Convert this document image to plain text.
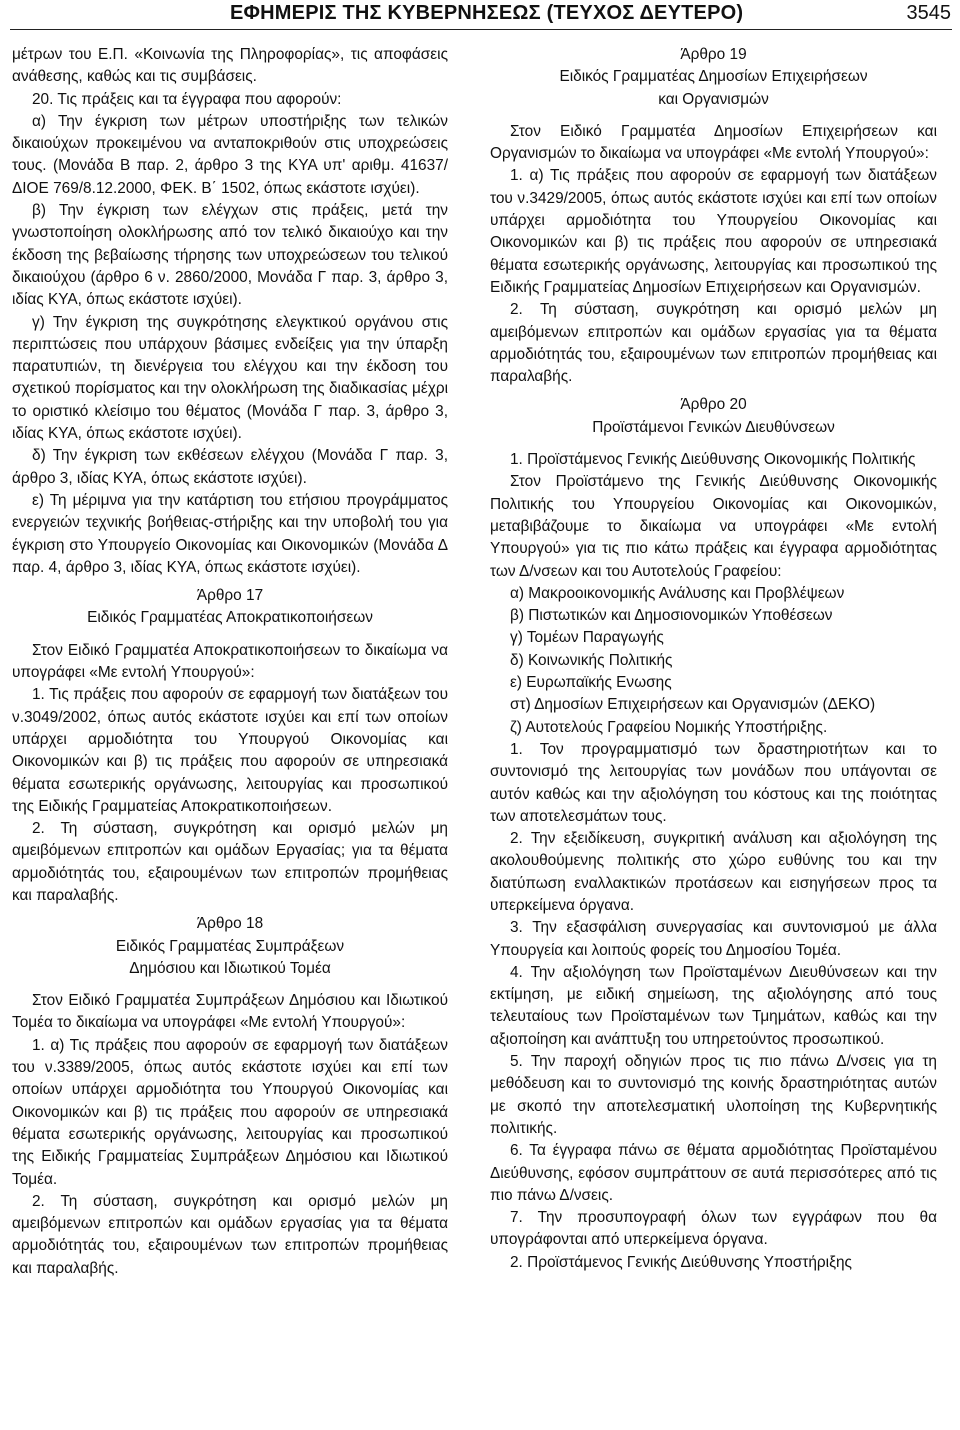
ΕΦΗΜΕΡΙΣ ΤΗΣ ΚΥΒΕΡΝΗΣΕΩΣ (ΤΕΥΧΟΣ ΔΕΥΤΕΡΟ)	3545

μέτρων του Ε.Π. «Κοινωνία της Πληροφορίας», τις αποφάσεις ανάθεσης, καθώς και τις συμβάσεις.

20. Τις πράξεις και τα έγγραφα που αφορούν:

α) Την έγκριση των μέτρων υποστήριξης των τελικών δικαιούχων προκειμένου να ανταποκριθούν στις υποχρεώσεις τους. (Μονάδα Β παρ. 2, άρθρο 3 της ΚΥΑ υπ' αριθμ. 41637/ΔΙΟΕ 769/8.12.2000, ΦΕΚ. Β΄ 1502, όπως εκάστοτε ισχύει).

β) Την έγκριση των ελέγχων στις πράξεις, μετά την γνωστοποίηση ολοκλήρωσης από τον τελικό δικαιούχο και την έκδοση της βεβαίωσης τήρησης των υποχρεώσεων του τελικού δικαιούχου (άρθρο 6 ν. 2860/2000, Μονάδα Γ παρ. 3, άρθρο 3, ιδίας ΚΥΑ, όπως εκάστοτε ισχύει).

γ) Την έγκριση της συγκρότησης ελεγκτικού οργάνου στις περιπτώσεις που υπάρχουν βάσιμες ενδείξεις για την ύπαρξη παρατυπιών, τη διενέργεια του ελέγχου και την έκδοση του σχετικού πορίσματος και την ολοκλήρωση της διαδικασίας μέχρι το οριστικό κλείσιμο του θέματος (Μονάδα Γ παρ. 3, άρθρο 3, ιδίας ΚΥΑ, όπως εκάστοτε ισχύει).

δ) Την έγκριση των εκθέσεων ελέγχου (Μονάδα Γ παρ. 3, άρθρο 3, ιδίας ΚΥΑ, όπως εκάστοτε ισχύει).

ε) Τη μέριμνα για την κατάρτιση του ετήσιου προγράμματος ενεργειών τεχνικής βοήθειας-στήριξης και την υποβολή του για έγκριση στο Υπουργείο Οικονομίας και Οικονομικών (Μονάδα Δ παρ. 4, άρθρο 3, ιδίας ΚΥΑ, όπως εκάστοτε ισχύει).

Άρθρο 17

Ειδικός Γραμματέας Αποκρατικοποιήσεων

Στον Ειδικό Γραμματέα Αποκρατικοποιήσεων το δικαίωμα να υπογράφει «Με εντολή Υπουργού»:

1. Τις πράξεις που αφορούν σε εφαρμογή των διατάξεων του ν.3049/2002, όπως αυτός εκάστοτε ισχύει και επί των οποίων υπάρχει αρμοδιότητα του Υπουργού Οικονομίας και Οικονομικών και β) τις πράξεις που αφορούν σε υπηρεσιακά θέματα εσωτερικής οργάνωσης, λειτουργίας και προσωπικού της Ειδικής Γραμματείας Αποκρατικοποιήσεων.

2. Τη σύσταση, συγκρότηση και ορισμό μελών μη αμειβόμενων επιτροπών και ομάδων Εργασίας; για τα θέματα αρμοδιότητάς του, εξαιρουμένων των επιτροπών προμήθειας και παραλαβής.

Άρθρο 18

Ειδικός Γραμματέας Συμπράξεων

Δημόσιου και Ιδιωτικού Τομέα

Στον Ειδικό Γραμματέα Συμπράξεων Δημόσιου και Ιδιωτικού Τομέα το δικαίωμα να υπογράφει «Με εντολή Υπουργού»:

1. α) Τις πράξεις που αφορούν σε εφαρμογή των διατάξεων του ν.3389/2005, όπως αυτός εκάστοτε ισχύει και επί των οποίων υπάρχει αρμοδιότητα του Υπουργού Οικονομίας και Οικονομικών και β) τις πράξεις που αφορούν σε υπηρεσιακά θέματα εσωτερικής οργάνωσης, λειτουργίας και προσωπικού της Ειδικής Γραμματείας Συμπράξεων Δημόσιου και Ιδιωτικού Τομέα.

2. Τη σύσταση, συγκρότηση και ορισμό μελών μη αμειβόμενων επιτροπών και ομάδων εργασίας για τα θέματα αρμοδιότητάς του, εξαιρουμένων των επιτροπών προμήθειας και παραλαβής.

Άρθρο 19

Ειδικός Γραμματέας Δημοσίων Επιχειρήσεων

και Οργανισμών

Στον Ειδικό Γραμματέα Δημοσίων Επιχειρήσεων και Οργανισμών το δικαίωμα να υπογράφει «Με εντολή Υπουργού»:

1. α) Τις πράξεις που αφορούν σε εφαρμογή των διατάξεων του ν.3429/2005, όπως αυτός εκάστοτε ισχύει και επί των οποίων υπάρχει αρμοδιότητα του Υπουργείου Οικονομίας και Οικονομικών και β) τις πράξεις που αφορούν σε υπηρεσιακά θέματα εσωτερικής οργάνωσης, λειτουργίας και προσωπικού της Ειδικής Γραμματείας Δημοσίων Επιχειρήσεων και Οργανισμών.

2. Τη σύσταση, συγκρότηση και ορισμό μελών μη αμειβόμενων επιτροπών και ομάδων εργασίας για τα θέματα αρμοδιότητάς του, εξαιρουμένων των επιτροπών προμήθειας και παραλαβής.

Άρθρο 20

Προϊστάμενοι Γενικών Διευθύνσεων

1. Προϊστάμενος Γενικής Διεύθυνσης Οικονομικής Πολιτικής

Στον Προϊστάμενο της Γενικής Διεύθυνσης Οικονομικής Πολιτικής του Υπουργείου Οικονομίας και Οικονομικών, μεταβιβάζουμε το δικαίωμα να υπογράφει «Με εντολή Υπουργού» για τις πιο κάτω πράξεις και έγγραφα αρμοδιότητας των Δ/νσεων και του Αυτοτελούς Γραφείου:

α) Μακροοικονομικής Ανάλυσης και Προβλέψεων

β) Πιστωτικών και Δημοσιονομικών Υποθέσεων

γ) Τομέων Παραγωγής

δ) Κοινωνικής Πολιτικής

ε) Ευρωπαϊκής Ενωσης

στ) Δημοσίων Επιχειρήσεων και Οργανισμών (ΔΕΚΟ)

ζ) Αυτοτελούς Γραφείου Νομικής Υποστήριξης.

1. Τον προγραμματισμό των δραστηριοτήτων και το συντονισμό της λειτουργίας των μονάδων που υπάγονται σε αυτόν καθώς και την αξιολόγηση του κόστους και της ποιότητας των αποτελεσμάτων τους.

2. Την εξειδίκευση, συγκριτική ανάλυση και αξιολόγηση της ακολουθούμενης πολιτικής στο χώρο ευθύνης του και την διατύπωση εναλλακτικών προτάσεων και εισηγήσεων προς τα υπερκείμενα όργανα.

3. Την εξασφάλιση συνεργασίας και συντονισμού με άλλα Υπουργεία και λοιπούς φορείς του Δημοσίου Τομέα.

4. Την αξιολόγηση των Προϊσταμένων Διευθύνσεων και την εκτίμηση, με ειδική σημείωση, της αξιολόγησης από τους τελευταίους των Προϊσταμένων των Τμημάτων, καθώς και την αξιοποίηση και ανάπτυξη του υπηρετούντος προσωπικού.

5. Την παροχή οδηγιών προς τις πιο πάνω Δ/νσεις για τη μεθόδευση και το συντονισμό της κοινής δραστηριότητας αυτών με σκοπό την αποτελεσματική υλοποίηση της Κυβερνητικής πολιτικής.

6. Τα έγγραφα πάνω σε θέματα αρμοδιότητας Προϊσταμένου Διεύθυνσης, εφόσον συμπράττουν σε αυτά περισσότερες από τις πιο πάνω Δ/νσεις.

7. Την προσυπογραφή όλων των εγγράφων που θα υπογράφονται από υπερκείμενα όργανα.

2. Προϊστάμενος Γενικής Διεύθυνσης Υποστήριξης
